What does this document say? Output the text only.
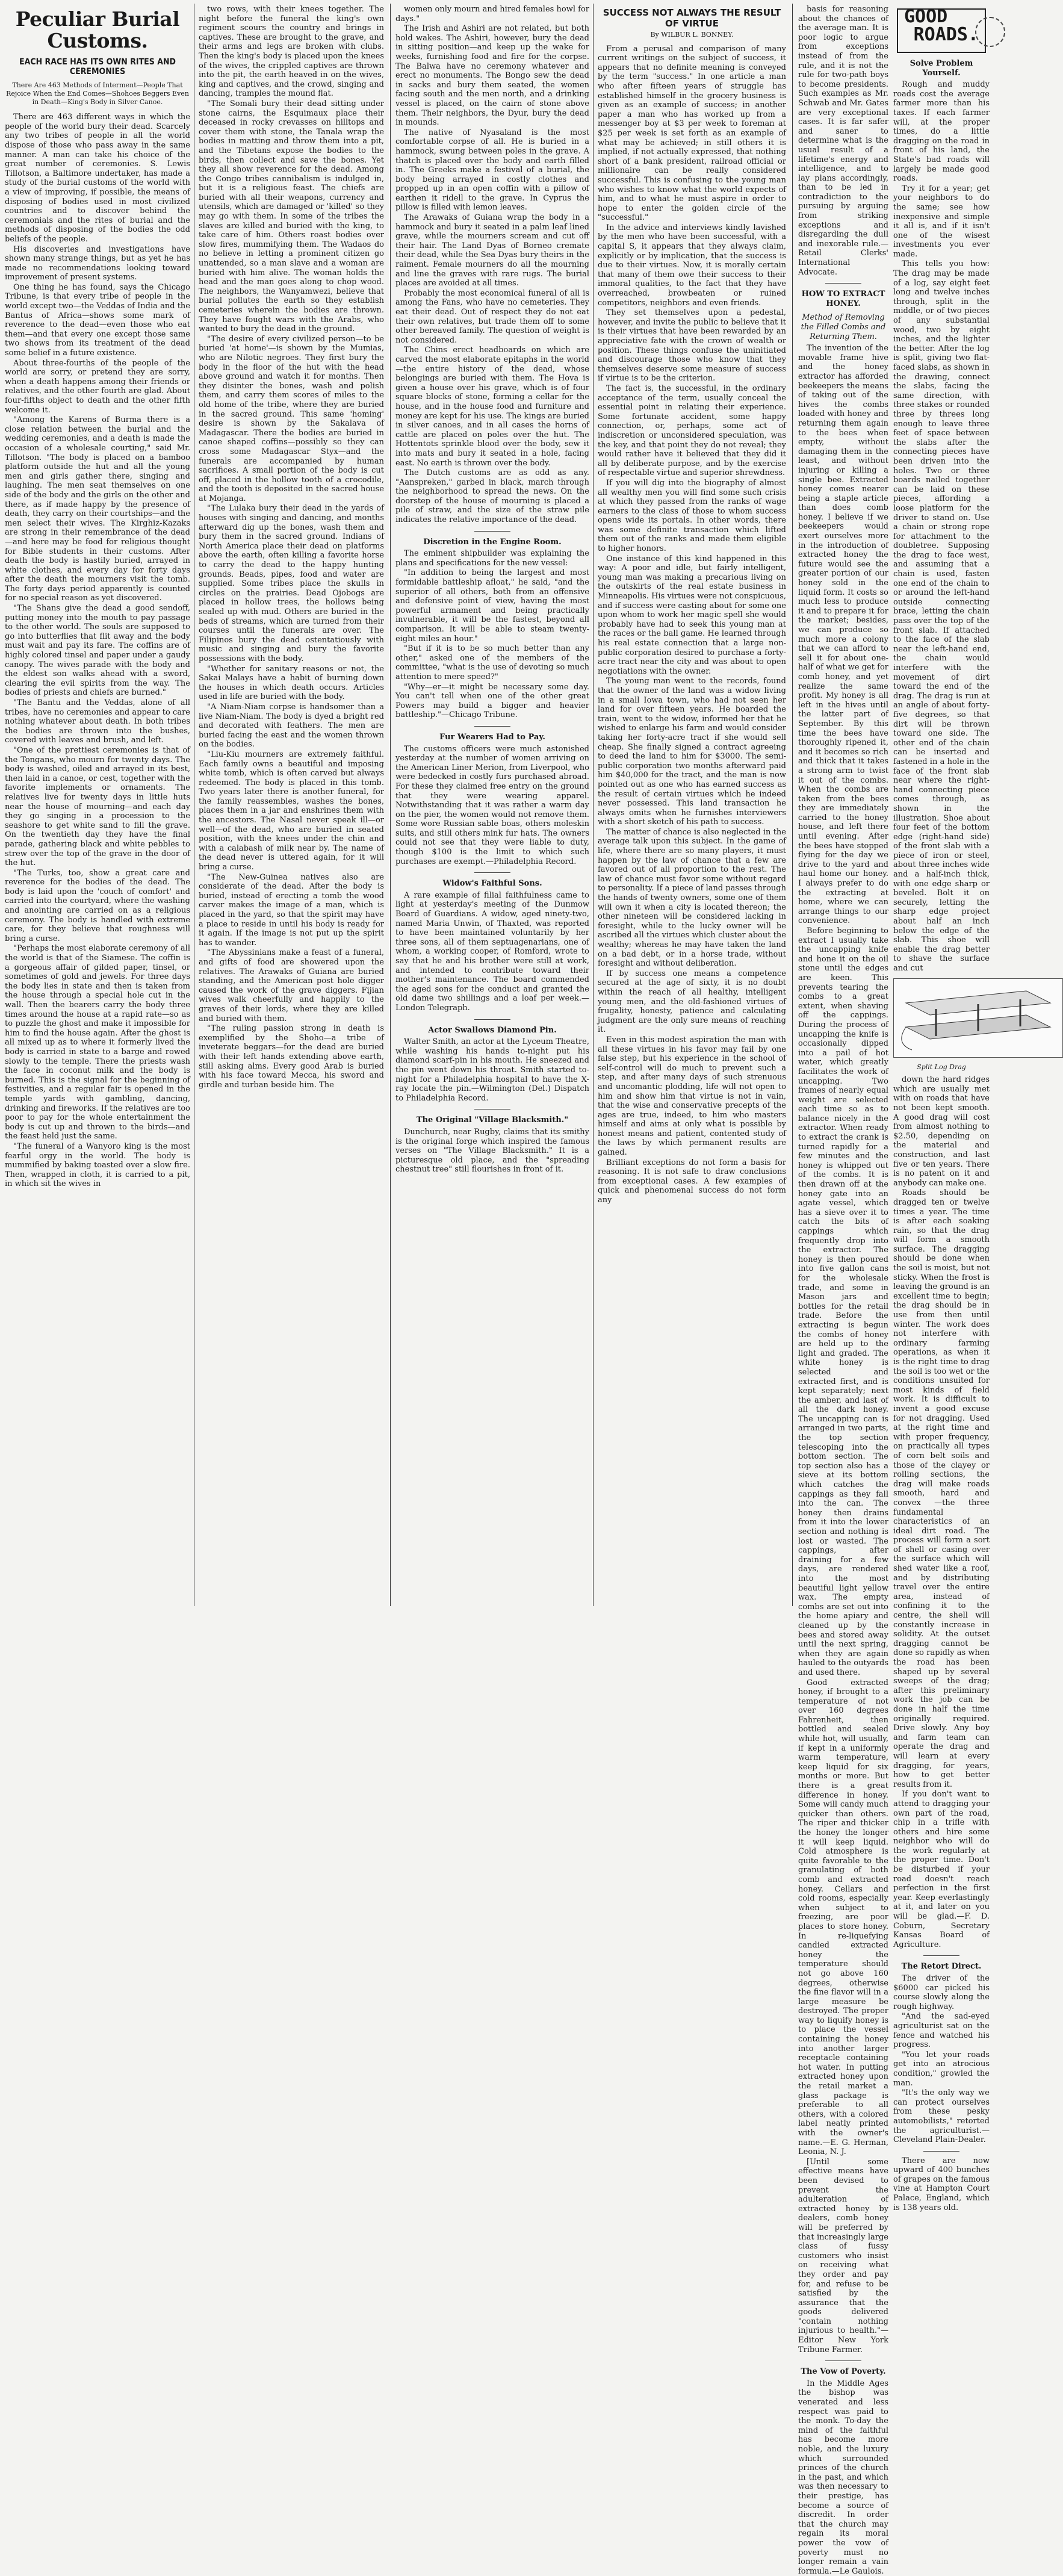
Peculiar Burial Customs.
EACH RACE HAS ITS OWN RITES AND CEREMONIES
There Are 463 Methods of Interment—People That Rejoice When the End Comes—Shohoes Beggers Even in Death—King's Body in Silver Canoe.

There are 463 different ways in which the people of the world bury their dead. Scarcely any two tribes of people in all the world dispose of those who pass away in the same manner. A man can take his choice of the great number of ceremonies. S. Lewis Tillotson, a Baltimore undertaker, has made a study of the burial customs of the world with a view of improving, if possible, the means of disposing of bodies used in most civilized countries and to discover behind the ceremonials and the rites of burial and the methods of disposing of the bodies the odd beliefs of the people.

His discoveries and investigations have shown many strange things, but as yet he has made no recommendations looking toward improvement of present systems.

One thing he has found, says the Chicago Tribune, is that every tribe of people in the world except two—the Veddas of India and the Bantus of Africa—shows some mark of reverence to the dead—even those who eat them—and that every one except those same two shows from its treatment of the dead some belief in a future existence.

About three-fourths of the people of the world are sorry, or pretend they are sorry, when a death happens among their friends or relatives, and the other fourth are glad. About four-fifths object to death and the other fifth welcome it.

"Among the Karens of Burma there is a close relation between the burial and the wedding ceremonies, and a death is made the occasion of a wholesale courting," said Mr. Tillotson. "The body is placed on a bamboo platform outside the hut and all the young men and girls gather there, singing and laughing. The men seat themselves on one side of the body and the girls on the other and there, as if made happy by the presence of death, they carry on their courtships—and the men select their wives. The Kirghiz-Kazaks are strong in their remembrance of the dead—and here may be food for religious thought for Bible students in their customs. After death the body is hastily buried, arrayed in white clothes, and every day for forty days after the death the mourners visit the tomb. The forty days period apparently is counted for no special reason as yet discovered.

"The Shans give the dead a good sendoff, putting money into the mouth to pay passage to the other world. The souls are supposed to go into butterflies that flit away and the body must wait and pay its fare. The coffins are of highly colored tinsel and paper under a gaudy canopy. The wives parade with the body and the eldest son walks ahead with a sword, clearing the evil spirits from the way. The bodies of priests and chiefs are burned."

"The Bantu and the Veddas, alone of all tribes, have no ceremonies and appear to care nothing whatever about death. In both tribes the bodies are thrown into the bushes, covered with leaves and brush, and left.

"One of the prettiest ceremonies is that of the Tongans, who mourn for twenty days. The body is washed, oiled and arrayed in its best, then laid in a canoe, or cest, together with the favorite implements or ornaments. The relatives live for twenty days in little huts near the house of mourning—and each day they go singing in a procession to the seashore to get white sand to fill the grave. On the twentieth day they have the final parade, gathering black and white pebbles to strew over the top of the grave in the door of the hut.

"The Turks, too, show a great care and reverence for the bodies of the dead. The body is laid upon the 'couch of comfort' and carried into the courtyard, where the washing and anointing are carried on as a religious ceremony. The body is handled with extreme care, for they believe that roughness will bring a curse.

"Perhaps the most elaborate ceremony of all the world is that of the Siamese. The coffin is a gorgeous affair of gilded paper, tinsel, or sometimes of gold and jewels. For three days the body lies in state and then is taken from the house through a special hole cut in the wall. Then the bearers carry the body three times around the house at a rapid rate—so as to puzzle the ghost and make it impossible for him to find the house again. After the ghost is all mixed up as to where it formerly lived the body is carried in state to a barge and rowed slowly to the temple. There the priests wash the face in coconut milk and the body is burned. This is the signal for the beginning of festivities, and a regular fair is opened in the temple yards with gambling, dancing, drinking and fireworks. If the relatives are too poor to pay for the whole entertainment the body is cut up and thrown to the birds—and the feast held just the same.

"The funeral of a Wanyoro king is the most fearful orgy in the world. The body is mummified by baking toasted over a slow fire. Then, wrapped in cloth, it is carried to a pit, in which sit the wives in

two rows, with their knees together. The night before the funeral the king's own regiment scours the country and brings in captives. These are brought to the grave, and their arms and legs are broken with clubs. Then the king's body is placed upon the knees of the wives, the crippled captives are thrown into the pit, the earth heaved in on the wives, king and captives, and the crowd, singing and dancing, tramples the mound flat.

"The Somali bury their dead sitting under stone cairns, the Esquimaux place their deceased in rocky crevasses on hilltops and cover them with stone, the Tanala wrap the bodies in matting and throw them into a pit, and the Tibetans expose the bodies to the birds, then collect and save the bones. Yet they all show reverence for the dead. Among the Congo tribes cannibalism is indulged in, but it is a religious feast. The chiefs are buried with all their weapons, currency and utensils, which are damaged or 'killed' so they may go with them. In some of the tribes the slaves are killed and buried with the king, to take care of him. Others roast bodies over slow fires, mummifying them. The Wadaos do no believe in letting a prominent citizen go unattended, so a man slave and a woman are buried with him alive. The woman holds the head and the man goes along to chop wood. The neighbors, the Wanyamwezi, believe that burial pollutes the earth so they establish cemeteries wherein the bodies are thrown. They have fought wars with the Arabs, who wanted to bury the dead in the ground.

"The desire of every civilized person—to be buried 'at home'—is shown by the Mumias, who are Nilotic negroes. They first bury the body in the floor of the hut with the head above ground and watch it for months. Then they disinter the bones, wash and polish them, and carry them scores of miles to the old home of the tribe, where they are buried in the sacred ground. This same 'homing' desire is shown by the Sakalava of Madagascar. There the bodies are buried in canoe shaped coffins—possibly so they can cross some Madagascar Styx—and the funerals are accompanied by human sacrifices. A small portion of the body is cut off, placed in the hollow tooth of a crocodile, and the tooth is deposited in the sacred house at Mojanga.

"The Lulaka bury their dead in the yards of houses with singing and dancing, and months afterward dig up the bones, wash them and bury them in the sacred ground. Indians of North America place their dead on platforms above the earth, often killing a favorite horse to carry the dead to the happy hunting grounds. Beads, pipes, food and water are supplied. Some tribes place the skulls in circles on the prairies. Dead Ojobogs are placed in hollow trees, the hollows being sealed up with mud. Others are buried in the beds of streams, which are turned from their courses until the funerals are over. The Filipinos bury the dead ostentatiously with music and singing and bury the favorite possessions with the body.

"Whether for sanitary reasons or not, the Sakai Malays have a habit of burning down the houses in which death occurs. Articles used in life are buried with the body.

"A Niam-Niam corpse is handsomer than a live Niam-Niam. The body is dyed a bright red and decorated with feathers. The men are buried facing the east and the women thrown on the bodies.

"Liu-Kiu mourners are extremely faithful. Each family owns a beautiful and imposing white tomb, which is often carved but always redeemed. The body is placed in this tomb. Two years later there is another funeral, for the family reassembles, washes the bones, places them in a jar and enshrines them with the ancestors. The Nasal never speak ill—or well—of the dead, who are buried in seated position, with the knees under the chin and with a calabash of milk near by. The name of the dead never is uttered again, for it will bring a curse.

"The New-Guinea natives also are considerate of the dead. After the body is buried, instead of erecting a tomb the wood carver makes the image of a man, which is placed in the yard, so that the spirit may have a place to reside in until his body is ready for it again. If the image is not put up the spirit has to wander.

"The Abyssinians make a feast of a funeral, and gifts of food are showered upon the relatives. The Arawaks of Guiana are buried standing, and the American post hole digger caused the work of the grave diggers. Fijian wives walk cheerfully and happily to the graves of their lords, where they are killed and buried with them.

"The ruling passion strong in death is exemplified by the Shoho—a tribe of inveterate beggars—for the dead are buried with their left hands extending above earth, still asking alms. Every good Arab is buried with his face toward Mecca, his sword and girdle and turban beside him. The

women only mourn and hired females howl for days."

The Irish and Ashiri are not related, but both hold wakes. The Ashiri, however, bury the dead in sitting position—and keep up the wake for weeks, furnishing food and fire for the corpse. The Balwa have no ceremony whatever and erect no monuments. The Bongo sew the dead in sacks and bury them seated, the women facing south and the men north, and a drinking vessel is placed, on the cairn of stone above them. Their neighbors, the Dyur, bury the dead in mounds.

The native of Nyasaland is the most comfortable corpse of all. He is buried in a hammock, swung between poles in the grave. A thatch is placed over the body and earth filled in. The Greeks make a festival of a burial, the body being arrayed in costly clothes and propped up in an open coffin with a pillow of earthen it ridell to the grave. In Cyprus the pillow is filled with lemon leaves.

The Arawaks of Guiana wrap the body in a hammock and bury it seated in a palm leaf lined grave, while the mourners scream and cut off their hair. The Land Dyas of Borneo cremate their dead, while the Sea Dyas bury theirs in the raiment. Female mourners do all the mourning and line the graves with rare rugs. The burial places are avoided at all times.

Probably the most economical funeral of all is among the Fans, who have no cemeteries. They eat their dead. Out of respect they do not eat their own relatives, but trade them off to some other bereaved family. The question of weight is not considered.

The Chins erect headboards on which are carved the most elaborate epitaphs in the world—the entire history of the dead, whose belongings are buried with them. The Hova is given a house over his grave, which is of four square blocks of stone, forming a cellar for the house, and in the house food and furniture and money are kept for his use. The kings are buried in silver canoes, and in all cases the horns of cattle are placed on poles over the hut. The Hottentots sprinkle blood over the body, sew it into mats and bury it seated in a hole, facing east. No earth is thrown over the body.

The Dutch customs are as odd as any. "Aanspreken," garbed in black, march through the neighborhood to spread the news. On the doorstep of the house of mourning is placed a pile of straw, and the size of the straw pile indicates the relative importance of the dead.

Discretion in the Engine Room.

The eminent shipbuilder was explaining the plans and specifications for the new vessel:

"In addition to being the largest and most formidable battleship afloat," he said, "and the superior of all others, both from an offensive and defensive point of view, having the most powerful armament and being practically invulnerable, it will be the fastest, beyond all comparison. It will be able to steam twenty-eight miles an hour."

"But if it is to be so much better than any other," asked one of the members of the committee, "what is the use of devoting so much attention to mere speed?"

"Why—er—it might be necessary some day. You can't tell when one of the other great Powers may build a bigger and heavier battleship."—Chicago Tribune.

Fur Wearers Had to Pay.

The customs officers were much astonished yesterday at the number of women arriving on the American Liner Merion, from Liverpool, who were bedecked in costly furs purchased abroad. For these they claimed free entry on the ground that they were wearing apparel. Notwithstanding that it was rather a warm day on the pier, the women would not remove them. Some wore Russian sable boas, others moleskin suits, and still others mink fur hats. The owners could not see that they were liable to duty, though $100 is the limit to which such purchases are exempt.—Philadelphia Record.

Widow's Faithful Sons.

A rare example of filial faithfulness came to light at yesterday's meeting of the Dunmow Board of Guardians. A widow, aged ninety-two, named Maria Unwin, of Thaxted, was reported to have been maintained voluntarily by her three sons, all of them septuagenarians, one of whom, a working cooper, of Romford, wrote to say that he and his brother were still at work, and intended to contribute toward their mother's maintenance. The board commended the aged sons for the conduct and granted the old dame two shillings and a loaf per week.—London Telegraph.

Actor Swallows Diamond Pin.

Walter Smith, an actor at the Lyceum Theatre, while washing his hands to-night put his diamond scarf-pin in his mouth. He sneezed and the pin went down his throat. Smith started to-night for a Philadelphia hospital to have the X-ray locate the pin.—Wilmington (Del.) Dispatch to Philadelphia Record.

The Original "Village Blacksmith."

Dunchurch, near Rugby, claims that its smithy is the original forge which inspired the famous verses on "The Village Blacksmith." It is a picturesque old place, and the "spreading chestnut tree" still flourishes in front of it.

SUCCESS NOT ALWAYS THE RESULT OF VIRTUE
By WILBUR L. BONNEY.

From a perusal and comparison of many current writings on the subject of success, it appears that no definite meaning is conveyed by the term "success." In one article a man who after fifteen years of struggle has established himself in the grocery business is given as an example of success; in another paper a man who has worked up from a messenger boy at $3 per week to foreman at $25 per week is set forth as an example of what may be achieved; in still others it is implied, if not actually expressed, that nothing short of a bank president, railroad official or millionaire can be really considered successful. This is confusing to the young man who wishes to know what the world expects of him, and to what he must aspire in order to hope to enter the golden circle of the "successful."

In the advice and interviews kindly lavished by the men who have been successful, with a capital S, it appears that they always claim, explicitly or by implication, that the success is due to their virtues. Now, it is morally certain that many of them owe their success to their immoral qualities, to the fact that they have overreached, browbeaten or ruined competitors, neighbors and even friends.

They set themselves upon a pedestal, however, and invite the public to believe that it is their virtues that have been rewarded by an appreciative fate with the crown of wealth or position. These things confuse the uninitiated and discourage those who know that they themselves deserve some measure of success if virtue is to be the criterion.

The fact is, the successful, in the ordinary acceptance of the term, usually conceal the essential point in relating their experience. Some fortunate accident, some happy connection, or, perhaps, some act of indiscretion or unconsidered speculation, was the key, and that point they do not reveal; they would rather have it believed that they did it all by deliberate purpose, and by the exercise of respectable virtue and superior shrewdness.

If you will dig into the biography of almost all wealthy men you will find some such crisis at which they passed from the ranks of wage earners to the class of those to whom success opens wide its portals. In other words, there was some definite transaction which lifted them out of the ranks and made them eligible to higher honors.

One instance of this kind happened in this way: A poor and idle, but fairly intelligent, young man was making a precarious living on the outskirts of the real estate business in Minneapolis. His virtues were not conspicuous, and if success were casting about for some one upon whom to work her magic spell she would probably have had to seek this young man at the races or the ball game. He learned through his real estate connection that a large non-public corporation desired to purchase a forty-acre tract near the city and was about to open negotiations with the owner.

The young man went to the records, found that the owner of the land was a widow living in a small Iowa town, who had not seen her land for over fifteen years. He boarded the train, went to the widow, informed her that he wished to enlarge his farm and would consider taking her forty-acre tract if she would sell cheap. She finally signed a contract agreeing to deed the land to him for $3000. The semi-public corporation two months afterward paid him $40,000 for the tract, and the man is now pointed out as one who has earned success as the result of certain virtues which he indeed never possessed. This land transaction he always omits when he furnishes interviewers with a short sketch of his path to success.

The matter of chance is also neglected in the average talk upon this subject. In the game of life, where there are so many players, it must happen by the law of chance that a few are favored out of all proportion to the rest. The law of chance must favor some without regard to personality. If a piece of land passes through the hands of twenty owners, some one of them will own it when a city is located thereon; the other nineteen will be considered lacking in foresight, while to the lucky owner will be ascribed all the virtues which cluster about the wealthy; whereas he may have taken the land on a bad debt, or in a horse trade, without foresight and without deliberation.

If by success one means a competence secured at the age of sixty, it is no doubt within the reach of all healthy, intelligent young men, and the old-fashioned virtues of frugality, honesty, patience and calculating judgment are the only sure means of reaching it.

Even in this modest aspiration the man with all these virtues in his favor may fail by one false step, but his experience in the school of self-control will do much to prevent such a step, and after many days of such strenuous and uncomantic plodding, life will not open to him and show him that virtue is not in vain, that the wise and conservative precepts of the ages are true, indeed, to him who masters himself and aims at only what is possible by honest means and patient, contented study of the laws by which permanent results are gained.

Brilliant exceptions do not form a basis for reasoning. It is not safe to draw conclusions from exceptional cases. A few examples of quick and phenomenal success do not form any

basis for reasoning about the chances of the average man. It is poor logic to argue from exceptions instead of from the rule, and it is not the rule for two-path boys to become presidents. Such examples as Mr. Schwab and Mr. Gates are very exceptional cases. It is far safer and saner to determine what is the usual result of a lifetime's energy and intelligence, and to lay plans accordingly, than to be led in contradiction to the pursuing by arguing from striking exceptions and disregarding the dull and inexorable rule.—Retail Clerks' International Advocate.

HOW TO EXTRACT HONEY.
Method of Removing the Filled Combs and Returning Them.

The invention of the movable frame hive and the honey extractor has afforded beekeepers the means of taking out of the hives the combs loaded with honey and returning them again to the bees when empty, without damaging them in the least, and without injuring or killing a single bee. Extracted honey comes nearer being a staple article than does comb honey. I believe if we beekeepers would exert ourselves more in the introduction of extracted honey the future would see the greater portion of our honey sold in the liquid form. It costs so much less to produce it and to prepare it for the market; besides, we can produce so much more a colony that we can afford to sell it for about one-half of what we get for comb honey, and yet realize the same profit. My honey is all left in the hives until the latter part of September. By this time the bees have thoroughly ripened it, and it becomes so rich and thick that it takes a strong arm to twist it out of the combs. When the combs are taken from the bees they are immediately carried to the honey house, and left there until evening. After the bees have stopped flying for the day we drive to the yard and haul home our honey. I always prefer to do the extracting at home, where we can arrange things to our convenience.

Before beginning to extract I usually take the uncapping knife and hone it on the oil stone until the edges are keen. This prevents tearing the combs to a great extent, when shaving off the cappings. During the process of uncapping the knife is occasionally dipped into a pail of hot water, which greatly facilitates the work of uncapping. Two frames of nearly equal weight are selected each time so as to balance nicely in the extractor. When ready to extract the crank is turned rapidly for a few minutes and the honey is whipped out of the combs. It is then drawn off at the honey gate into an agate vessel, which has a sieve over it to catch the bits of cappings which frequently drop into the extractor. The honey is then poured into five gallon cans for the wholesale trade, and some in Mason jars and bottles for the retail trade. Before the extracting is begun the combs of honey are held up to the light and graded. The white honey is selected and extracted first, and is kept separately; next the amber, and last of all the dark honey. The uncapping can is arranged in two parts, the top section telescoping into the bottom section. The top section also has a sieve at its bottom which catches the cappings as they fall into the can. The honey then drains from it into the lower section and nothing is lost or wasted. The cappings, after draining for a few days, are rendered into the most beautiful light yellow wax. The empty combs are set out into the home apiary and cleaned up by the bees and stored away until the next spring, when they are again hauled to the outyards and used there.

Good extracted honey, if brought to a temperature of not over 160 degrees Fahrenheit, then bottled and sealed while hot, will usually, if kept in a uniformly warm temperature, keep liquid for six months or more. But there is a great difference in honey. Some will candy much quicker than others. The riper and thicker the honey the longer it will keep liquid. Cold atmosphere is quite favorable to the granulating of both comb and extracted honey. Cellars and cold rooms, especially when subject to freezing, are poor places to store honey. In re-liquefying candied extracted honey the temperature should not go above 160 degrees, otherwise the fine flavor will in a large measure be destroyed. The proper way to liquify honey is to place the vessel containing the honey into another larger receptacle containing hot water. In putting extracted honey upon the retail market a glass package is preferable to all others, with a colored label neatly printed with the owner's name.—E. G. Herman, Leonia, N. J.

[Until some effective means have been devised to prevent the adulteration of extracted honey by dealers, comb honey will be preferred by that increasingly large class of fussy customers who insist on receiving what they order and pay for, and refuse to be satisfied by the assurance that the goods delivered "contain nothing injurious to health."—Editor New York Tribune Farmer.

The Vow of Poverty.

In the Middle Ages the bishop was venerated and less respect was paid to the monk. To-day the mind of the faithful has become more noble, and the luxury which surrounded princes of the church in the past, and which was then necessary to their prestige, has become a source of discredit. In order that the church may regain its moral power the vow of poverty must no longer remain a vain formula.—Le Gaulois.

GOOD
ROADS.
Solve Problem Yourself.

Rough and muddy roads cost the average farmer more than his taxes. If each farmer will, at the proper times, do a little dragging on the road in front of his land, the State's bad roads will largely be made good roads.

Try it for a year; get your neighbors to do the same; see how inexpensive and simple it all is, and if it isn't one of the wisest investments you ever made.

This tells you how: The drag may be made of a log, say eight feet long and twelve inches through, split in the middle, or of two pieces of any substantial wood, two by eight inches, and the lighter the better. After the log is split, giving two flat-faced slabs, as shown in the drawing, connect the slabs, facing the same direction, with three stakes or rounded three by threes long enough to leave three feet of space between the slabs after the connecting pieces have been driven into the holes. Two or three boards nailed together can be laid on these pieces, affording a loose platform for the driver to stand on. Use a chain or strong rope for attachment to the doubletree. Supposing the drag to face west, and assuming that a chain is used, fasten one end of the chain to or around the left-hand outside connecting brace, letting the chain pass over the top of the front slab. If attached to the face of the slab near the left-hand end, the chain would interfere with the movement of dirt toward the end of the drag. The drag is run at an angle of about forty-five degrees, so that dirt will be thrown toward one side. The other end of the chain can be inserted and fastened in a hole in the face of the front slab near where the right-hand connecting piece comes through, as shown in the illustration. Shoe about four feet of the bottom edge (right-hand side) of the front slab with a piece of iron or steel, about three inches wide and a half-inch thick, with one edge sharp or beveled. Bolt it on securely, letting the sharp edge project about half an inch below the edge of the slab. This shoe will enable the drag better to shave the surface and cut

Split Log Drag

down the hard ridges which are usually met with on roads that have not been kept smooth. A good drag will cost from almost nothing to $2.50, depending on the material and construction, and last five or ten years. There is no patent on it and anybody can make one.

Roads should be dragged ten or twelve times a year. The time is after each soaking rain, so that the drag will form a smooth surface. The dragging should be done when the soil is moist, but not sticky. When the frost is leaving the ground is an excellent time to begin; the drag should be in use from then until winter. The work does not interfere with ordinary farming operations, as when it is the right time to drag the soil is too wet or the conditions unsuited for most kinds of field work. It is difficult to invent a good excuse for not dragging. Used at the right time and with proper frequency, on practically all types of corn belt soils and those of the clayey or rolling sections, the drag will make roads smooth, hard and convex —the three fundamental characteristics of an ideal dirt road. The process will form a sort of shell or casing over the surface which will shed water like a roof, and by distributing travel over the entire area, instead of confining it to the centre, the shell will constantly increase in solidity. At the outset dragging cannot be done so rapidly as when the road has been shaped up by several sweeps of the drag; after this preliminary work the job can be done in half the time originally required. Drive slowly. Any boy and farm team can operate the drag and will learn at every dragging, for years, how to get better results from it.

If you don't want to attend to dragging your own part of the road, chip in a trifle with others and hire some neighbor who will do the work regularly at the proper time. Don't be disturbed if your road doesn't reach perfection in the first year. Keep everlastingly at it, and later on you will be glad.—F. D. Coburn, Secretary Kansas Board of Agriculture.

The Retort Direct.

The driver of the $6000 car picked his course slowly along the rough highway.

"And the sad-eyed agriculturist sat on the fence and watched his progress.

"You let your roads get into an atrocious condition," growled the man.

"It's the only way we can protect ourselves from these pesky automobilists," retorted the agriculturist.—Cleveland Plain-Dealer.

There are now upward of 400 bunches of grapes on the famous vine at Hampton Court Palace, England, which is 138 years old.
